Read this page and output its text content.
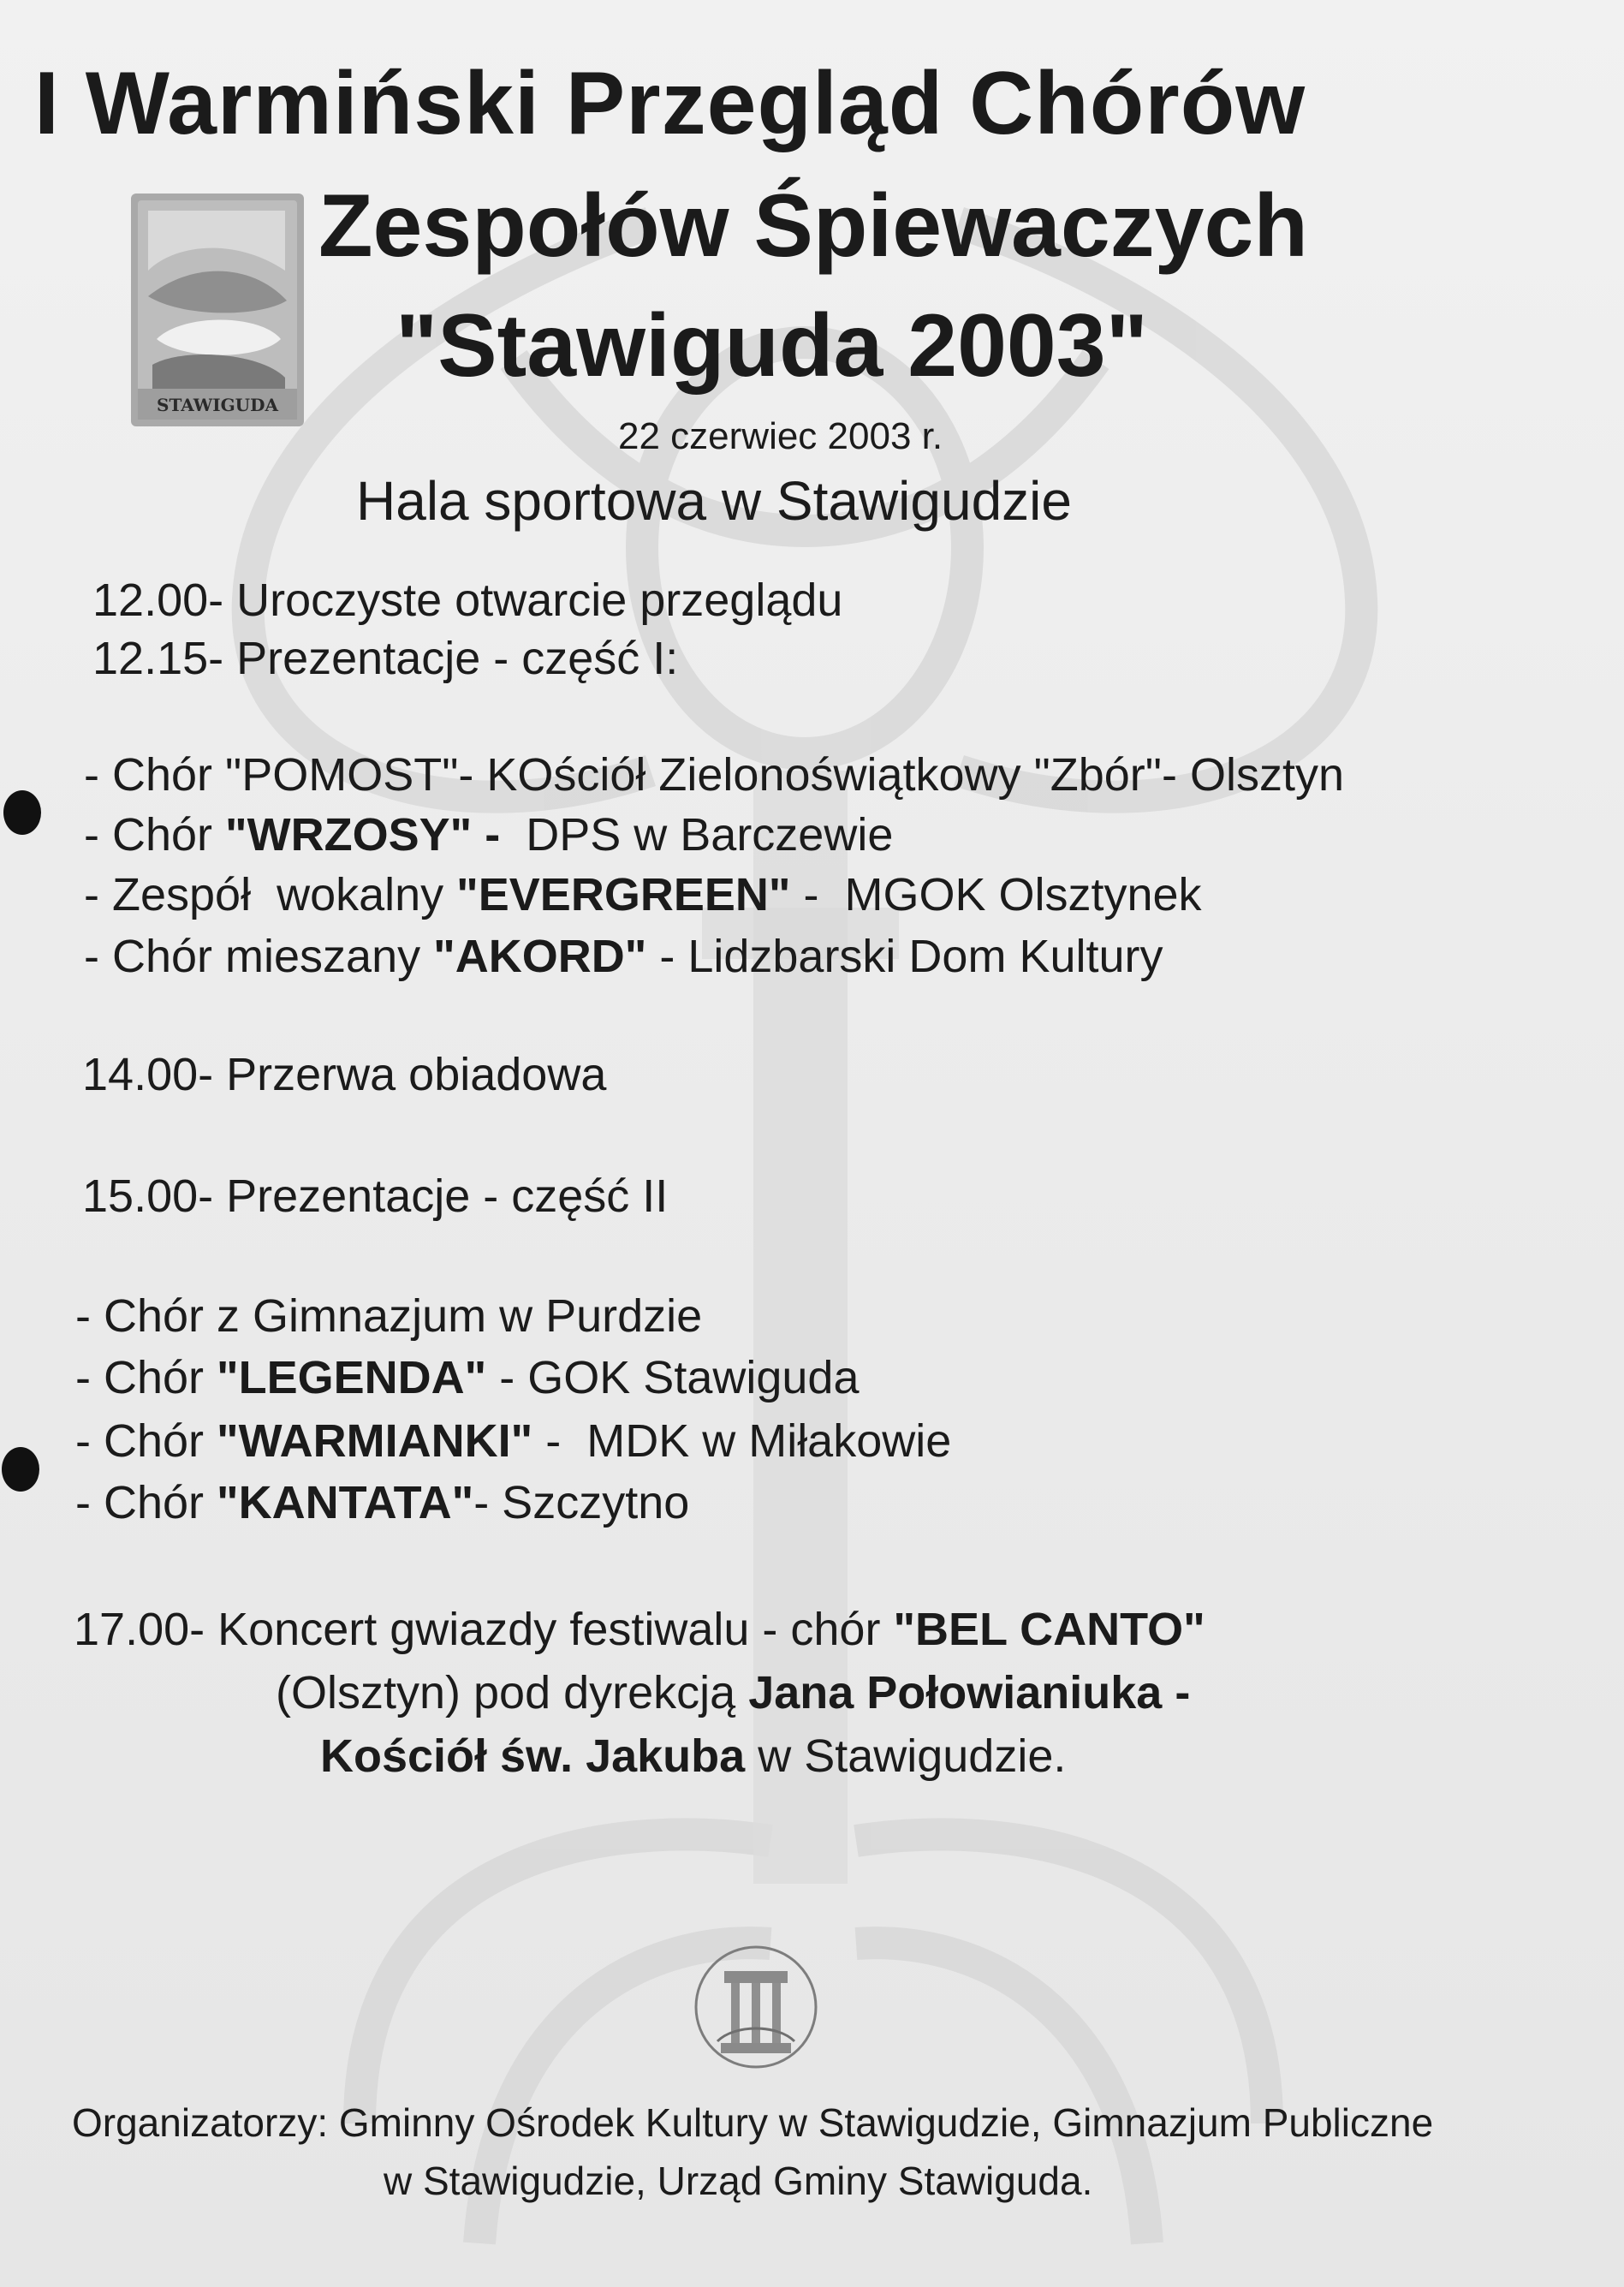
STAWIGUDA
I Warmiński Przegląd Chórów
Zespołów Śpiewaczych
"Stawiguda 2003"
22 czerwiec 2003 r.
Hala sportowa w Stawigudzie
12.00- Uroczyste otwarcie przeglądu
12.15- Prezentacje - część I:
- Chór "POMOST"- KOściół Zielonoświątkowy "Zbór"- Olsztyn
- Chór "WRZOSY" -  DPS w Barczewie
- Zespół  wokalny "EVERGREEN" -  MGOK Olsztynek
- Chór mieszany "AKORD" - Lidzbarski Dom Kultury
14.00- Przerwa obiadowa
15.00- Prezentacje - część II
- Chór z Gimnazjum w Purdzie
- Chór "LEGENDA" - GOK Stawiguda
- Chór "WARMIANKI" -  MDK w Miłakowie
- Chór "KANTATA"- Szczytno
17.00- Koncert gwiazdy festiwalu - chór "BEL CANTO"
(Olsztyn) pod dyrekcją Jana Połowianiuka -
Kościół św. Jakuba w Stawigudzie.
Organizatorzy: Gminny Ośrodek Kultury w Stawigudzie, Gimnazjum Publiczne
w Stawigudzie, Urząd Gminy Stawiguda.
